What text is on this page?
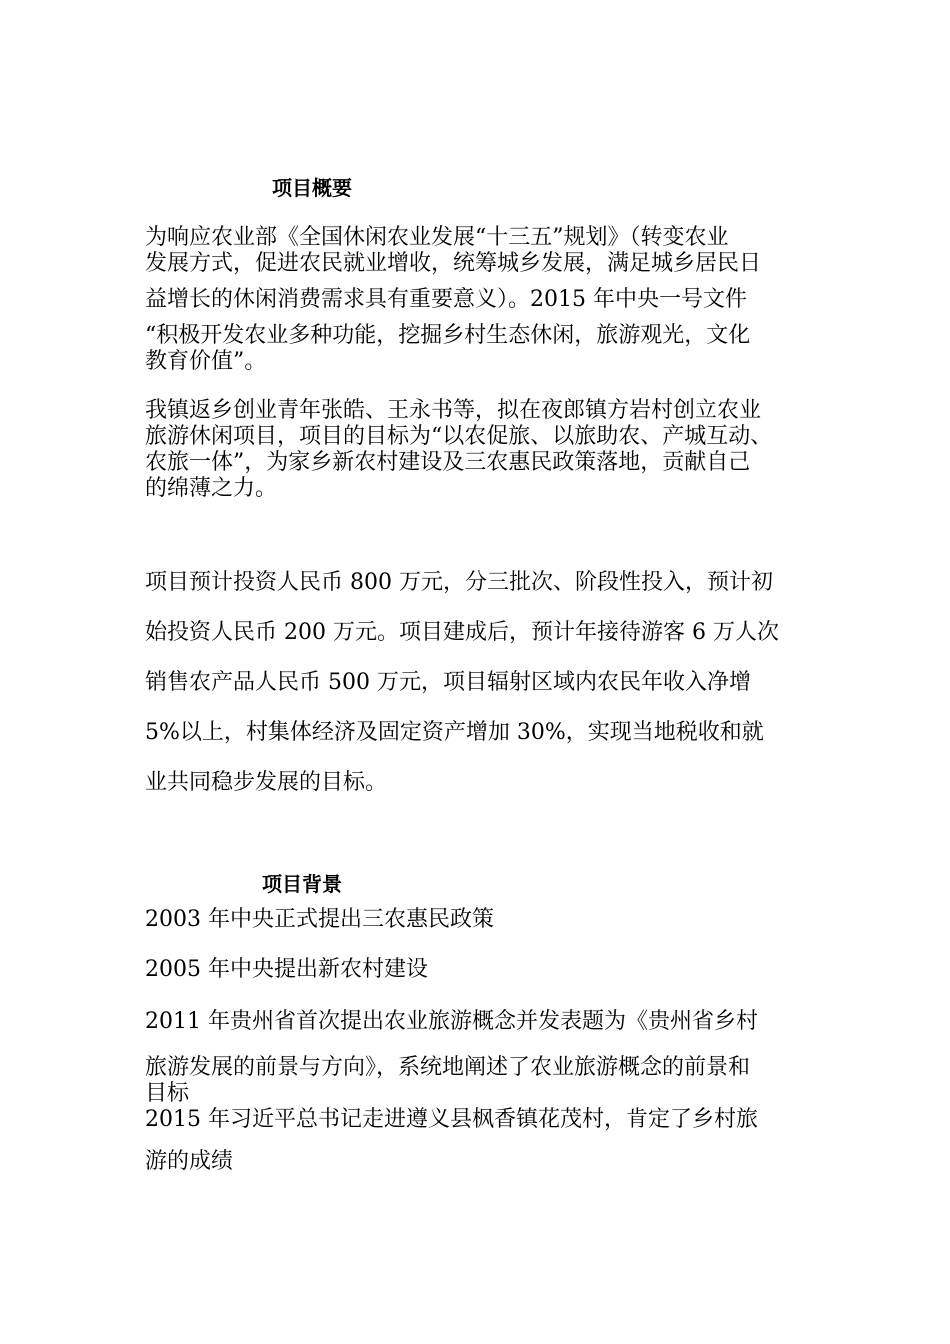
项目概要
为响应农业部《全国休闲农业发展“十三五”规划》（转变农业
发展方式，促进农民就业增收，统筹城乡发展，满足城乡居民日
益增长的休闲消费需求具有重要意义）。2015 年中央一号文件
“积极开发农业多种功能，挖掘乡村生态休闲，旅游观光，文化
教育价值”。
我镇返乡创业青年张皓、王永书等，拟在夜郎镇方岩村创立农业
旅游休闲项目，项目的目标为“以农促旅、以旅助农、产城互动、
农旅一体”，为家乡新农村建设及三农惠民政策落地，贡献自己
的绵薄之力。
项目预计投资人民币 800 万元，分三批次、阶段性投入，预计初
始投资人民币 200 万元。项目建成后，预计年接待游客 6 万人次
销售农产品人民币 500 万元，项目辐射区域内农民年收入净增
5%以上，村集体经济及固定资产增加 30%，实现当地税收和就
业共同稳步发展的目标。
项目背景
2003 年中央正式提出三农惠民政策
2005 年中央提出新农村建设
2011 年贵州省首次提出农业旅游概念并发表题为《贵州省乡村
旅游发展的前景与方向》，系统地阐述了农业旅游概念的前景和
目标
2015 年习近平总书记走进遵义县枫香镇花茂村，肯定了乡村旅
游的成绩
